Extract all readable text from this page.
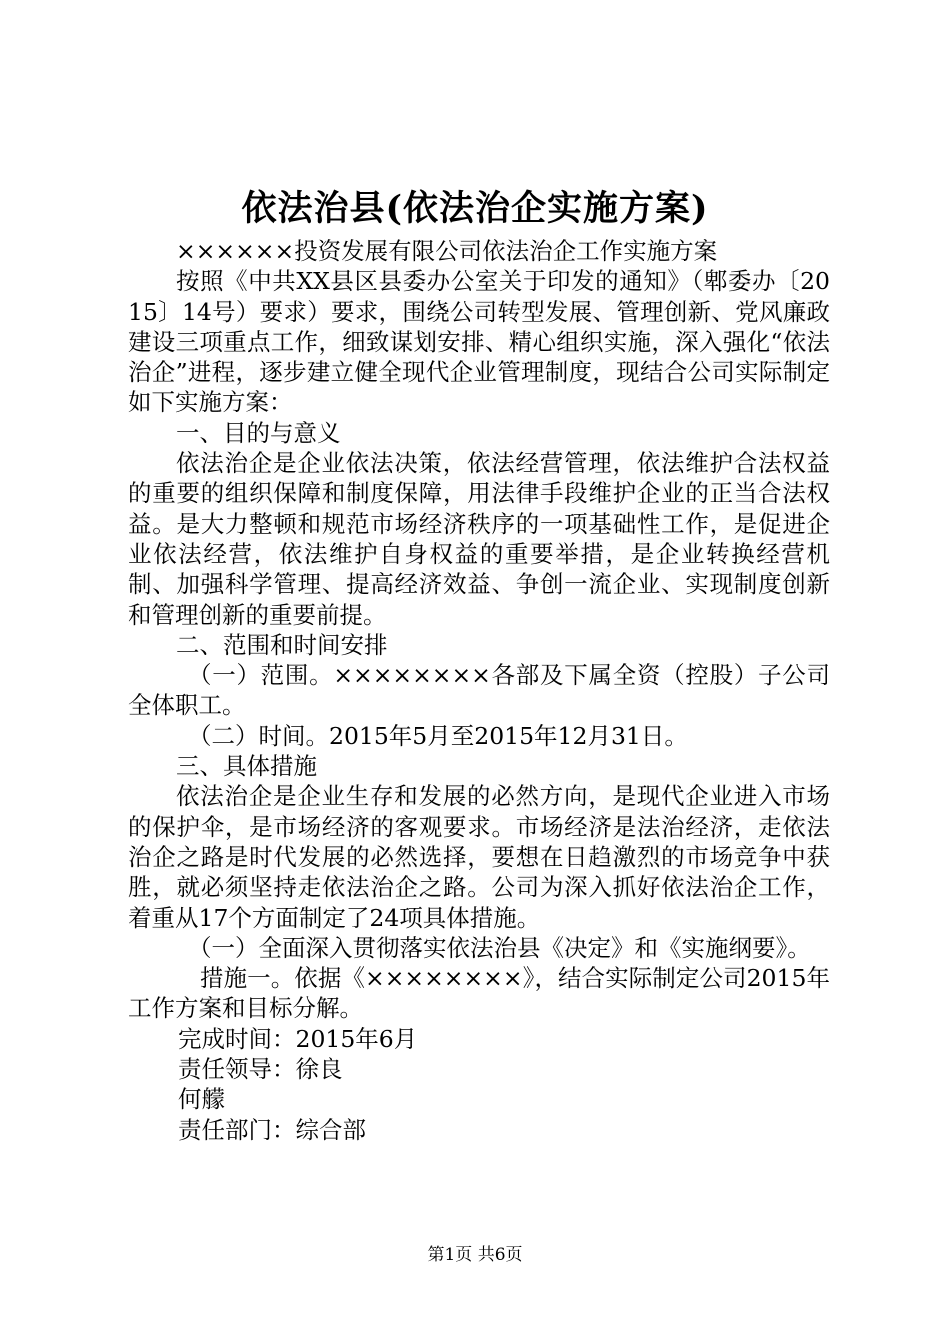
依法治县(依法治企实施方案)

××××××投资发展有限公司依法治企工作实施方案

按照《中共XX县区县委办公室关于印发的通知》（郫委办〔2015〕14号）要求）要求，围绕公司转型发展、管理创新、党风廉政建设三项重点工作，细致谋划安排、精心组织实施，深入强化“依法治企”进程，逐步建立健全现代企业管理制度，现结合公司实际制定如下实施方案：

一、目的与意义

依法治企是企业依法决策，依法经营管理，依法维护合法权益的重要的组织保障和制度保障，用法律手段维护企业的正当合法权益。是大力整顿和规范市场经济秩序的一项基础性工作，是促进企业依法经营，依法维护自身权益的重要举措，是企业转换经营机制、加强科学管理、提高经济效益、争创一流企业、实现制度创新和管理创新的重要前提。

二、范围和时间安排

（一）范围。××××××××各部及下属全资（控股）子公司全体职工。

（二）时间。2015年5月至2015年12月31日。

三、具体措施

依法治企是企业生存和发展的必然方向，是现代企业进入市场的保护伞，是市场经济的客观要求。市场经济是法治经济，走依法治企之路是时代发展的必然选择，要想在日趋激烈的市场竞争中获胜，就必须坚持走依法治企之路。公司为深入抓好依法治企工作，着重从17个方面制定了24项具体措施。

（一）全面深入贯彻落实依法治县《决定》和《实施纲要》。

措施一。依据《××××××××》，结合实际制定公司2015年工作方案和目标分解。

完成时间：2015年6月

责任领导：徐良

何艨

责任部门：综合部

第1页 共6页
